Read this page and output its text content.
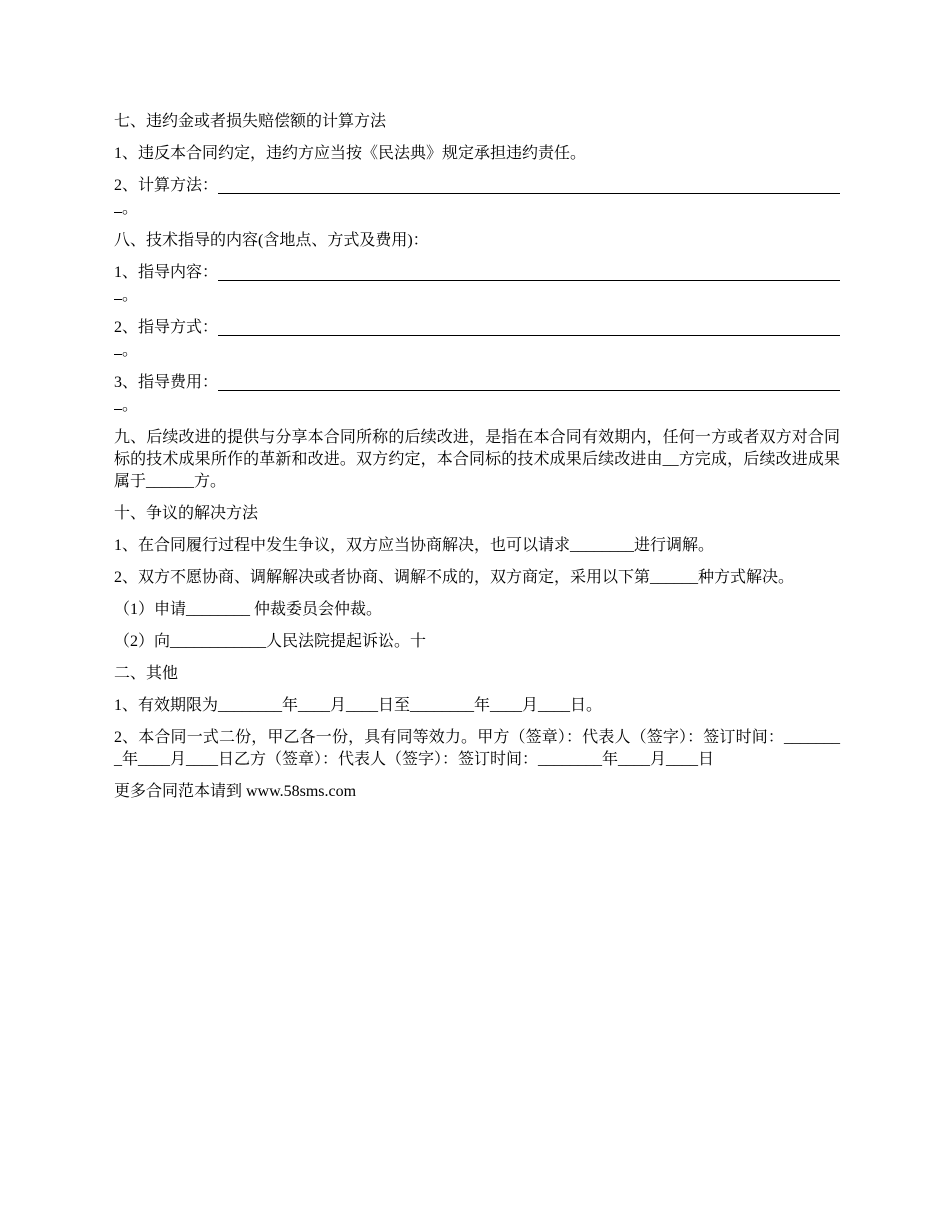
七、违约金或者损失赔偿额的计算方法

1、违反本合同约定，违约方应当按《民法典》规定承担违约责任。

2、计算方法：
。

八、技术指导的内容(含地点、方式及费用)：

1、指导内容：
。
2、指导方式：
。
3、指导费用：
。

九、后续改进的提供与分享本合同所称的后续改进，是指在本合同有效期内，任何一方或者双方对合同标的技术成果所作的革新和改进。双方约定，本合同标的技术成果后续改进由__方完成，后续改进成果属于______方。

十、争议的解决方法

1、在合同履行过程中发生争议，双方应当协商解决，也可以请求________进行调解。

2、双方不愿协商、调解解决或者协商、调解不成的，双方商定，采用以下第______种方式解决。

（1）申请________ 仲裁委员会仲裁。

（2）向____________人民法院提起诉讼。十

二、其他

1、有效期限为________年____月____日至________年____月____日。

2、本合同一式二份，甲乙各一份，具有同等效力。甲方（签章）：代表人（签字）：签订时间：________年____月____日乙方（签章）：代表人（签字）：签订时间：________年____月____日

更多合同范本请到 www.58sms.com
